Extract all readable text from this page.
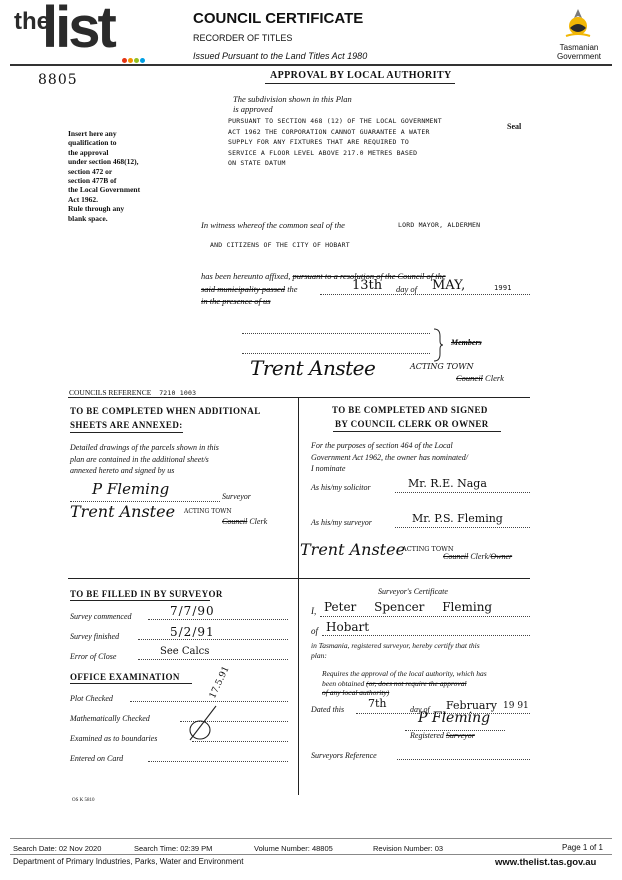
the
list	COUNCIL CERTIFICATE
RECORDER OF TITLES
Issued Pursuant to the Land Titles Act 1980
Tasmanian
Government
8805	APPROVAL BY LOCAL AUTHORITY
The subdivision shown in this Plan
is approved
PURSUANT TO SECTION 468 (12) OF THE LOCAL GOVERNMENT
ACT 1962 THE CORPORATION CANNOT GUARANTEE A WATER
SUPPLY FOR ANY FIXTURES THAT ARE REQUIRED TO
SERVICE A FLOOR LEVEL ABOVE 217.0 METRES BASED
ON STATE DATUM
Seal
Insert here any
qualification to
the approval
under section 468(12),
section 472 or
section 477B of
the Local Government
Act 1962.
Rule through any
blank space.
In witness whereof the common seal of the	LORD MAYOR, ALDERMEN
AND CITIZENS OF THE CITY OF HOBART
has been hereunto affixed, pursuant to a resolution of the Council of the
said municipality passed the	13th day of MAY,	1991
in the presence of us
Members
Trent Anstee	ACTING TOWN
Council Clerk
COUNCILS REFERENCE 7210 1003
TO BE COMPLETED WHEN ADDITIONAL
SHEETS ARE ANNEXED:
Detailed drawings of the parcels shown in this
plan are contained in the additional sheet/s
annexed hereto and signed by us
P Fleming	Surveyor
Trent Anstee ACTING TOWN
Council Clerk
TO BE COMPLETED AND SIGNED
BY COUNCIL CLERK OR OWNER
For the purposes of section 464 of the Local
Government Act 1962, the owner has nominated/
I nominate
As his/my solicitor	Mr. R.E. Naga
As his/my surveyor	Mr. P.S. Fleming
Trent Anstee
ACTING TOWN
Council Clerk/Owner
TO BE FILLED IN BY SURVEYOR
Survey commenced	7/7/90
Survey finished	5/2/91
Error of Close	See Calcs
OFFICE EXAMINATION
Plot Checked
Mathematically Checked
Examined as to boundaries
Entered on Card
17.5.91
OS K 5810
Surveyor's Certificate
I, Peter Spencer Fleming
of Hobart
in Tasmania, registered surveyor, hereby certify that this
plan:
Requires the approval of the local authority, which has
been obtained (or, does not require the approval
of any local authority)
Dated this 7th	day of February 19 91
P Fleming
Registered Surveyor
Surveyors Reference
Search Date: 02 Nov 2020	Search Time: 02:39 PM	Volume Number: 48805	Revision Number: 03	Page 1 of 1
Department of Primary Industries, Parks, Water and Environment	www.thelist.tas.gov.au
